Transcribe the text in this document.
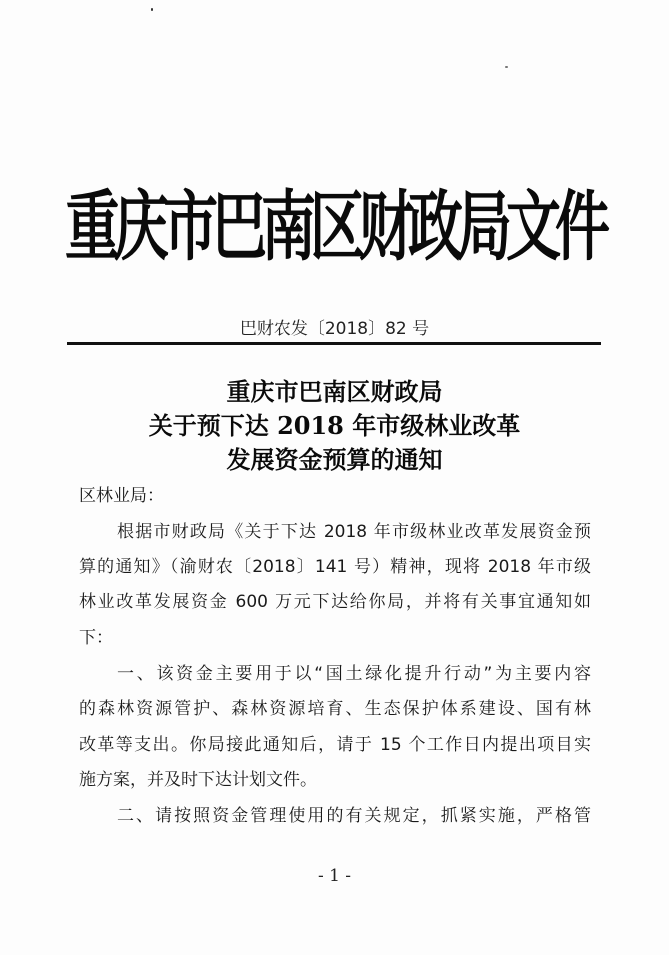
重庆市巴南区财政局文件
巴财农发〔2018〕82 号
重庆市巴南区财政局
关于预下达 2018 年市级林业改革
发展资金预算的通知
区林业局：
根据市财政局《关于下达 2018 年市级林业改革发展资金预
算的通知》（渝财农〔2018〕141 号）精神，现将 2018 年市级
林业改革发展资金 600 万元下达给你局，并将有关事宜通知如
下：
一、该资金主要用于以“国土绿化提升行动”为主要内容
的森林资源管护、森林资源培育、生态保护体系建设、国有林
改革等支出。你局接此通知后，请于 15 个工作日内提出项目实
施方案，并及时下达计划文件。
二、请按照资金管理使用的有关规定，抓紧实施，严格管
- 1 -
